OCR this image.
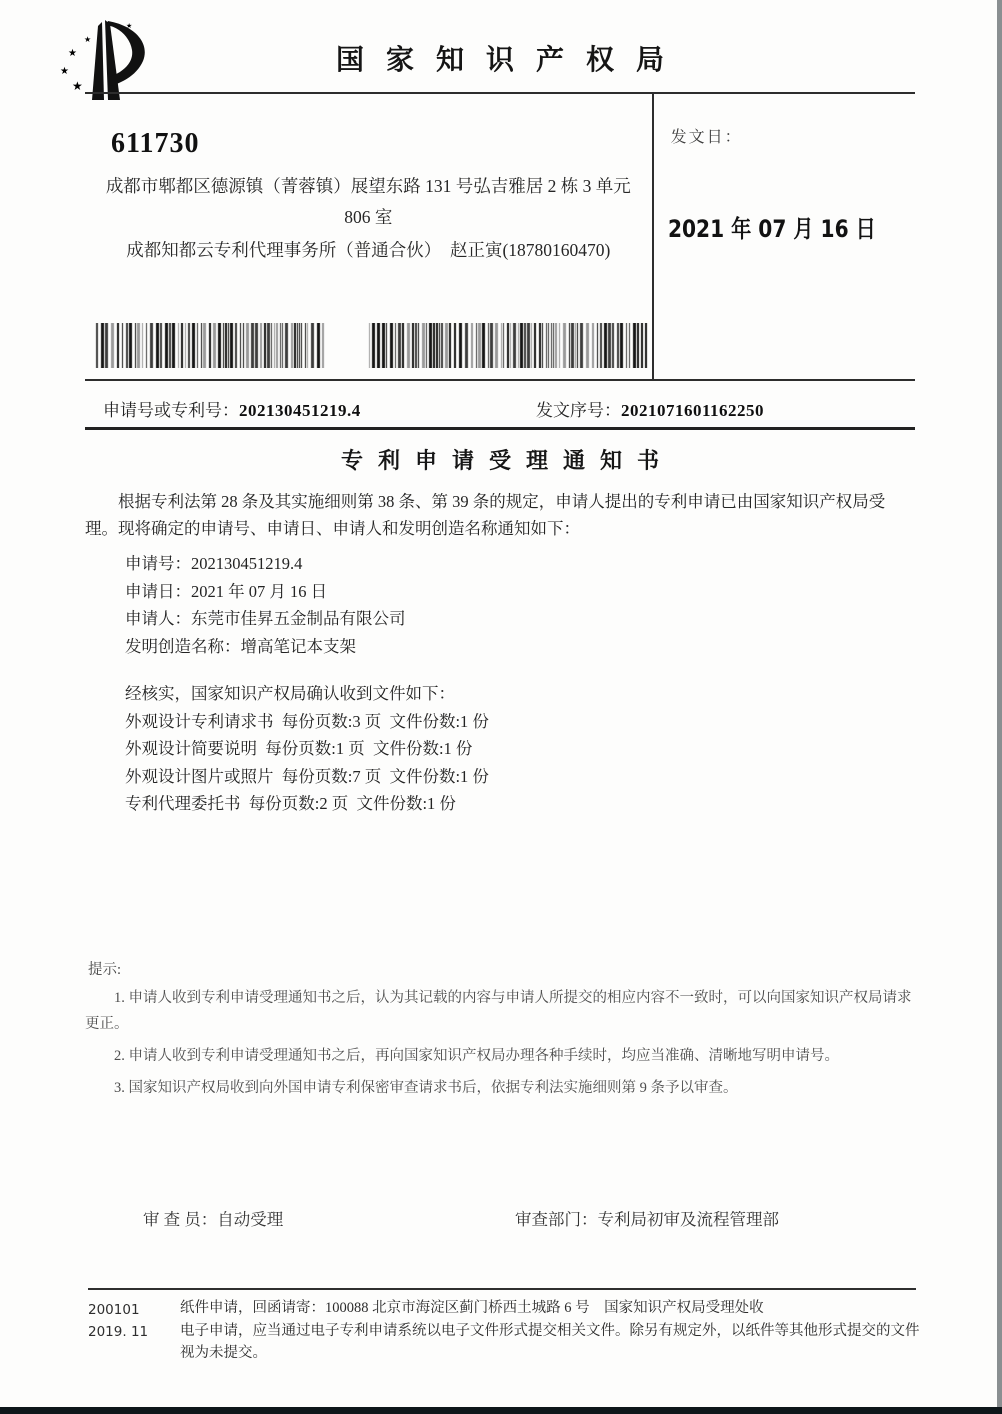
★
★
★
★
★
国家知识产权局
611730
成都市郫都区德源镇（菁蓉镇）展望东路 131 号弘吉雅居 2 栋 3 单元
806 室
成都知都云专利代理事务所（普通合伙）  赵正寅(18780160470)
发文日：
2021 年 07 月 16 日
申请号或专利号：202130451219.4	发文序号：2021071601162250
专利申请受理通知书

根据专利法第 28 条及其实施细则第 38 条、第 39 条的规定，申请人提出的专利申请已由国家知识产权局受理。现将确定的申请号、申请日、申请人和发明创造名称通知如下：

申请号：202130451219.4
申请日：2021 年 07 月 16 日
申请人：东莞市佳昇五金制品有限公司
发明创造名称：增高笔记本支架
经核实，国家知识产权局确认收到文件如下：
外观设计专利请求书  每份页数:3 页  文件份数:1 份
外观设计简要说明  每份页数:1 页  文件份数:1 份
外观设计图片或照片  每份页数:7 页  文件份数:1 份
专利代理委托书  每份页数:2 页  文件份数:1 份
提示:

1. 申请人收到专利申请受理通知书之后，认为其记载的内容与申请人所提交的相应内容不一致时，可以向国家知识产权局请求更正。

2. 申请人收到专利申请受理通知书之后，再向国家知识产权局办理各种手续时，均应当准确、清晰地写明申请号。

3. 国家知识产权局收到向外国申请专利保密审查请求书后，依据专利法实施细则第 9 条予以审查。

审 查 员：自动受理	审查部门：专利局初审及流程管理部
200101
2019. 11
纸件申请，回函请寄：100088 北京市海淀区蓟门桥西土城路 6 号　国家知识产权局受理处收
电子申请，应当通过电子专利申请系统以电子文件形式提交相关文件。除另有规定外，以纸件等其他形式提交的文件视为未提交。
